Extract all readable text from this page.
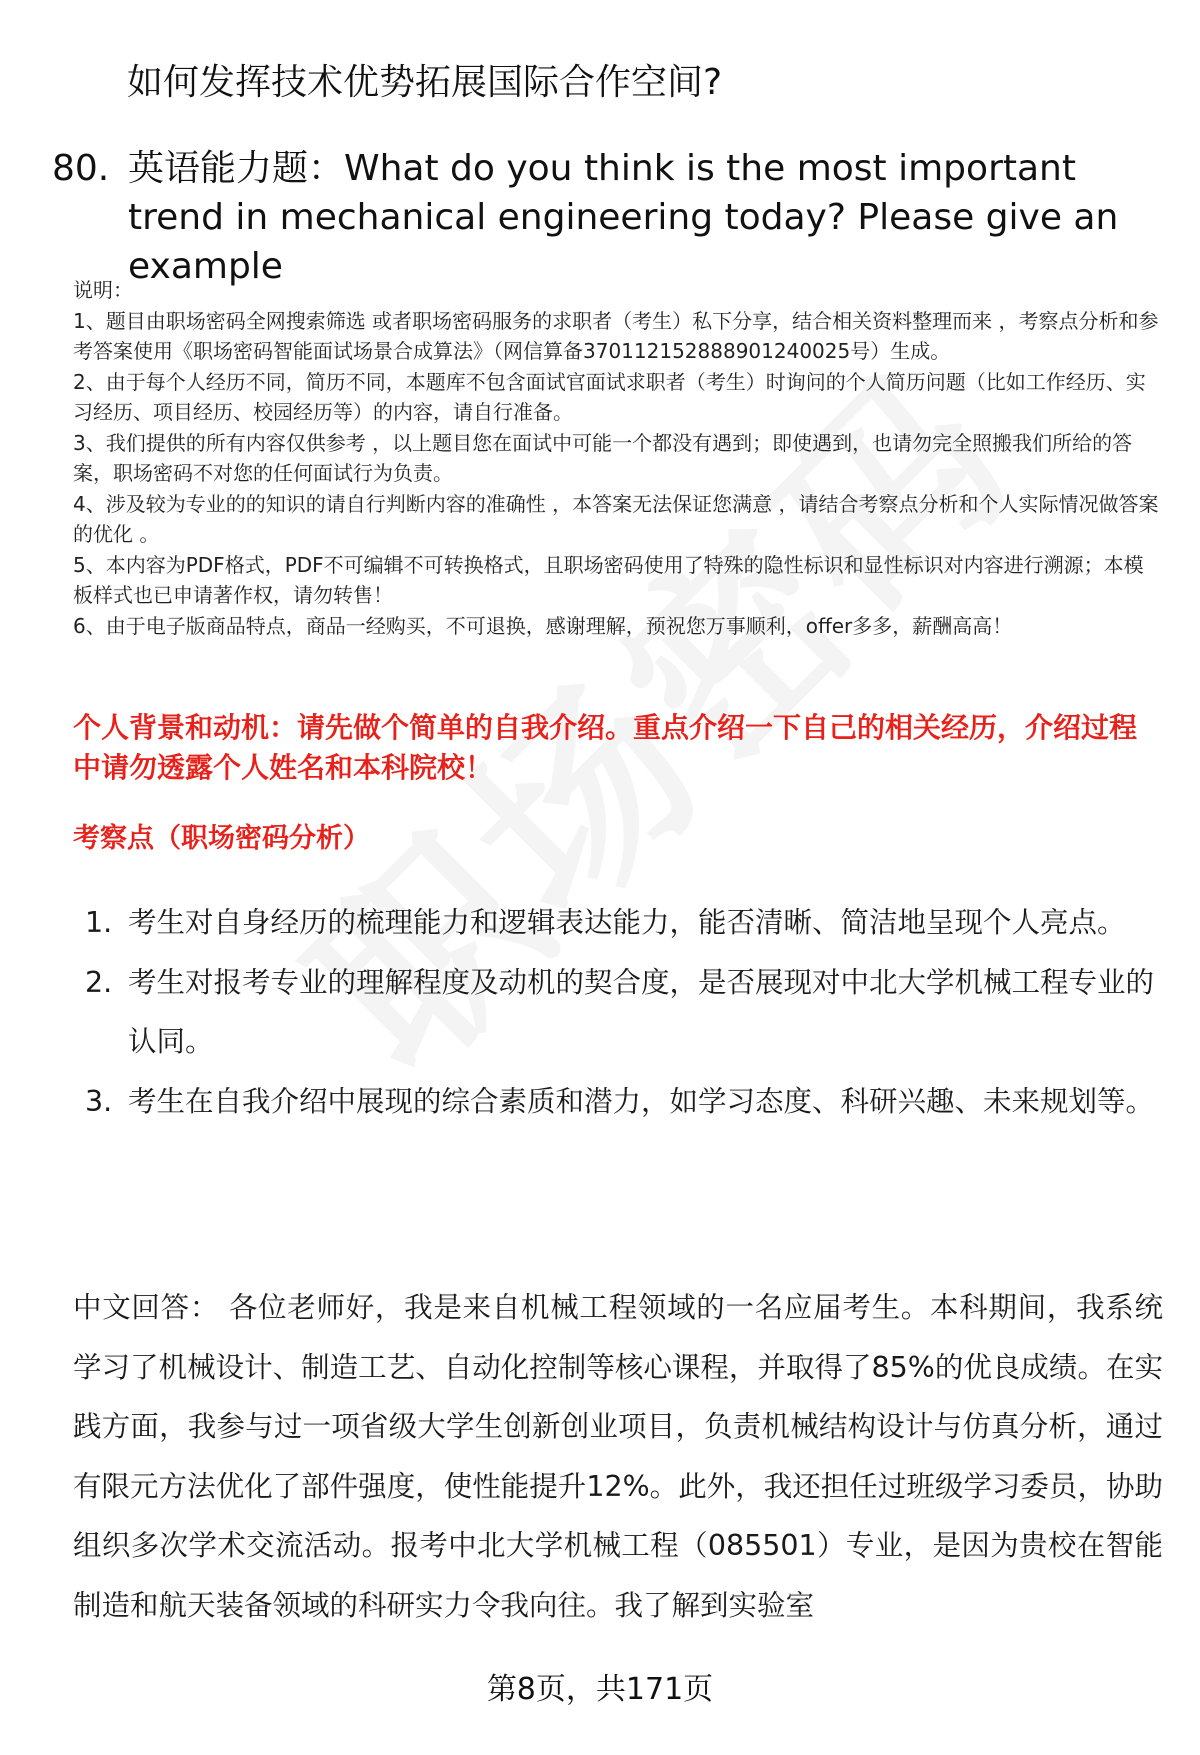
如何发挥技术优势拓展国际合作空间?
80. 英语能力题：What do you think is the most important trend in mechanical engineering today? Please give an example

说明：

1、题目由职场密码全网搜索筛选 或者职场密码服务的求职者（考生）私下分享，结合相关资料整理而来 ，考察点分析和参考答案使用《职场密码智能面试场景合成算法》（网信算备370112152888901240025号）生成。

2、由于每个人经历不同，简历不同，本题库不包含面试官面试求职者（考生）时询问的个人简历问题（比如工作经历、实习经历、项目经历、校园经历等）的内容，请自行准备。

3、我们提供的所有内容仅供参考 ，以上题目您在面试中可能一个都没有遇到；即使遇到，也请勿完全照搬我们所给的答案，职场密码不对您的任何面试行为负责。

4、涉及较为专业的的知识的请自行判断内容的准确性 ，本答案无法保证您满意 ，请结合考察点分析和个人实际情况做答案的优化 。

5、本内容为PDF格式，PDF不可编辑不可转换格式，且职场密码使用了特殊的隐性标识和显性标识对内容进行溯源；本模板样式也已申请著作权，请勿转售！

6、由于电子版商品特点，商品一经购买，不可退换，感谢理解，预祝您万事顺利，offer多多，薪酬高高！

个人背景和动机：请先做个简单的自我介绍。重点介绍一下自己的相关经历，介绍过程中请勿透露个人姓名和本科院校！
考察点（职场密码分析）
1. 考生对自身经历的梳理能力和逻辑表达能力，能否清晰、简洁地呈现个人亮点。
2. 考生对报考专业的理解程度及动机的契合度，是否展现对中北大学机械工程专业的认同。
3. 考生在自我介绍中展现的综合素质和潜力，如学习态度、科研兴趣、未来规划等。
中文回答： 各位老师好，我是来自机械工程领域的一名应届考生。本科期间，我系统学习了机械设计、制造工艺、自动化控制等核心课程，并取得了85%的优良成绩。在实践方面，我参与过一项省级大学生创新创业项目，负责机械结构设计与仿真分析，通过有限元方法优化了部件强度，使性能提升12%。此外，我还担任过班级学习委员，协助组织多次学术交流活动。报考中北大学机械工程（085501）专业，是因为贵校在智能制造和航天装备领域的科研实力令我向往。我了解到实验室
第8页，共171页
